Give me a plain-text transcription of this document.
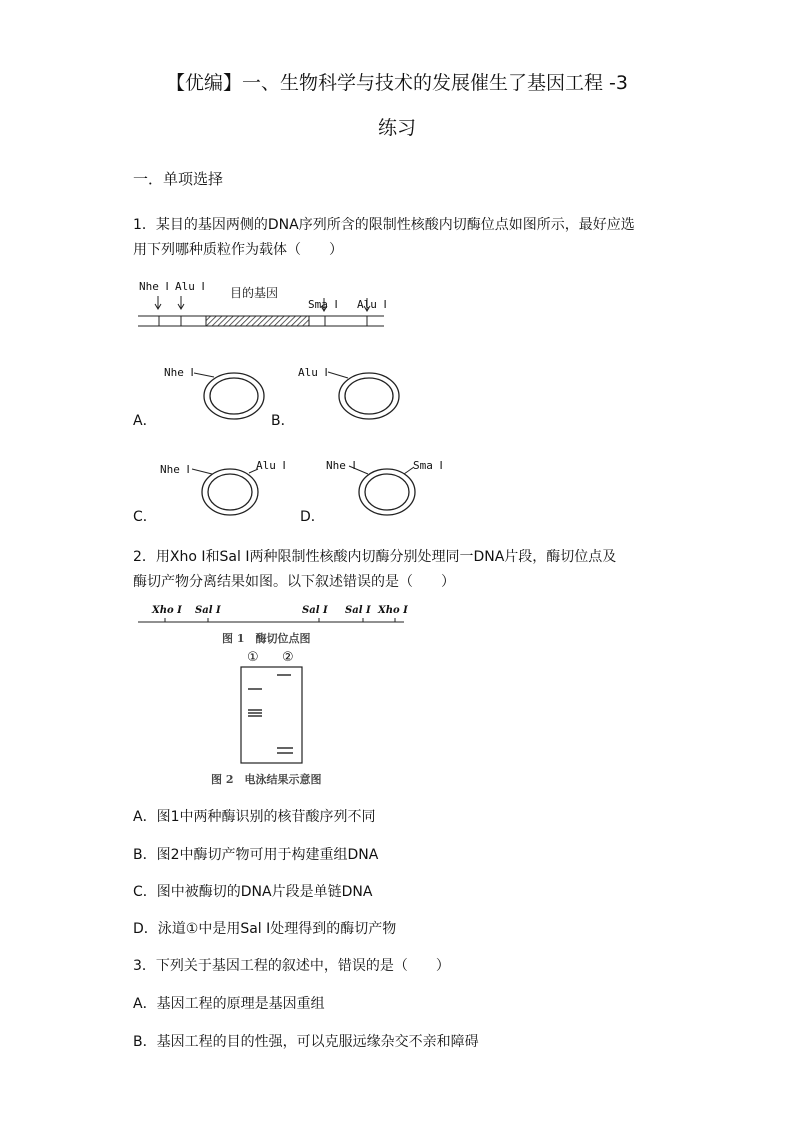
【优编】一、生物科学与技术的发展催生了基因工程 -3
练习
一．单项选择
1．某目的基因两侧的DNA序列所含的限制性核酸内切酶位点如图所示，最好应选
用下列哪种质粒作为载体（　　）
Nhe Ⅰ Alu Ⅰ 目的基因
Sma Ⅰ Alu Ⅰ
Nhe Ⅰ
A．
Alu Ⅰ
B．
Nhe Ⅰ	Alu Ⅰ
C．
Nhe Ⅰ	Sma Ⅰ
D．
2．用Xho Ⅰ和Sal Ⅰ两种限制性核酸内切酶分别处理同一DNA片段，酶切位点及
酶切产物分离结果如图。以下叙述错误的是（　　）
Xho Ⅰ Sal Ⅰ	Sal Ⅰ Sal Ⅰ Xho Ⅰ
图 1　酶切位点图
① ②
图 2　电泳结果示意图
A．图1中两种酶识别的核苷酸序列不同
B．图2中酶切产物可用于构建重组DNA
C．图中被酶切的DNA片段是单链DNA
D．泳道①中是用Sal Ⅰ处理得到的酶切产物
3．下列关于基因工程的叙述中，错误的是（　　）
A．基因工程的原理是基因重组
B．基因工程的目的性强，可以克服远缘杂交不亲和障碍
